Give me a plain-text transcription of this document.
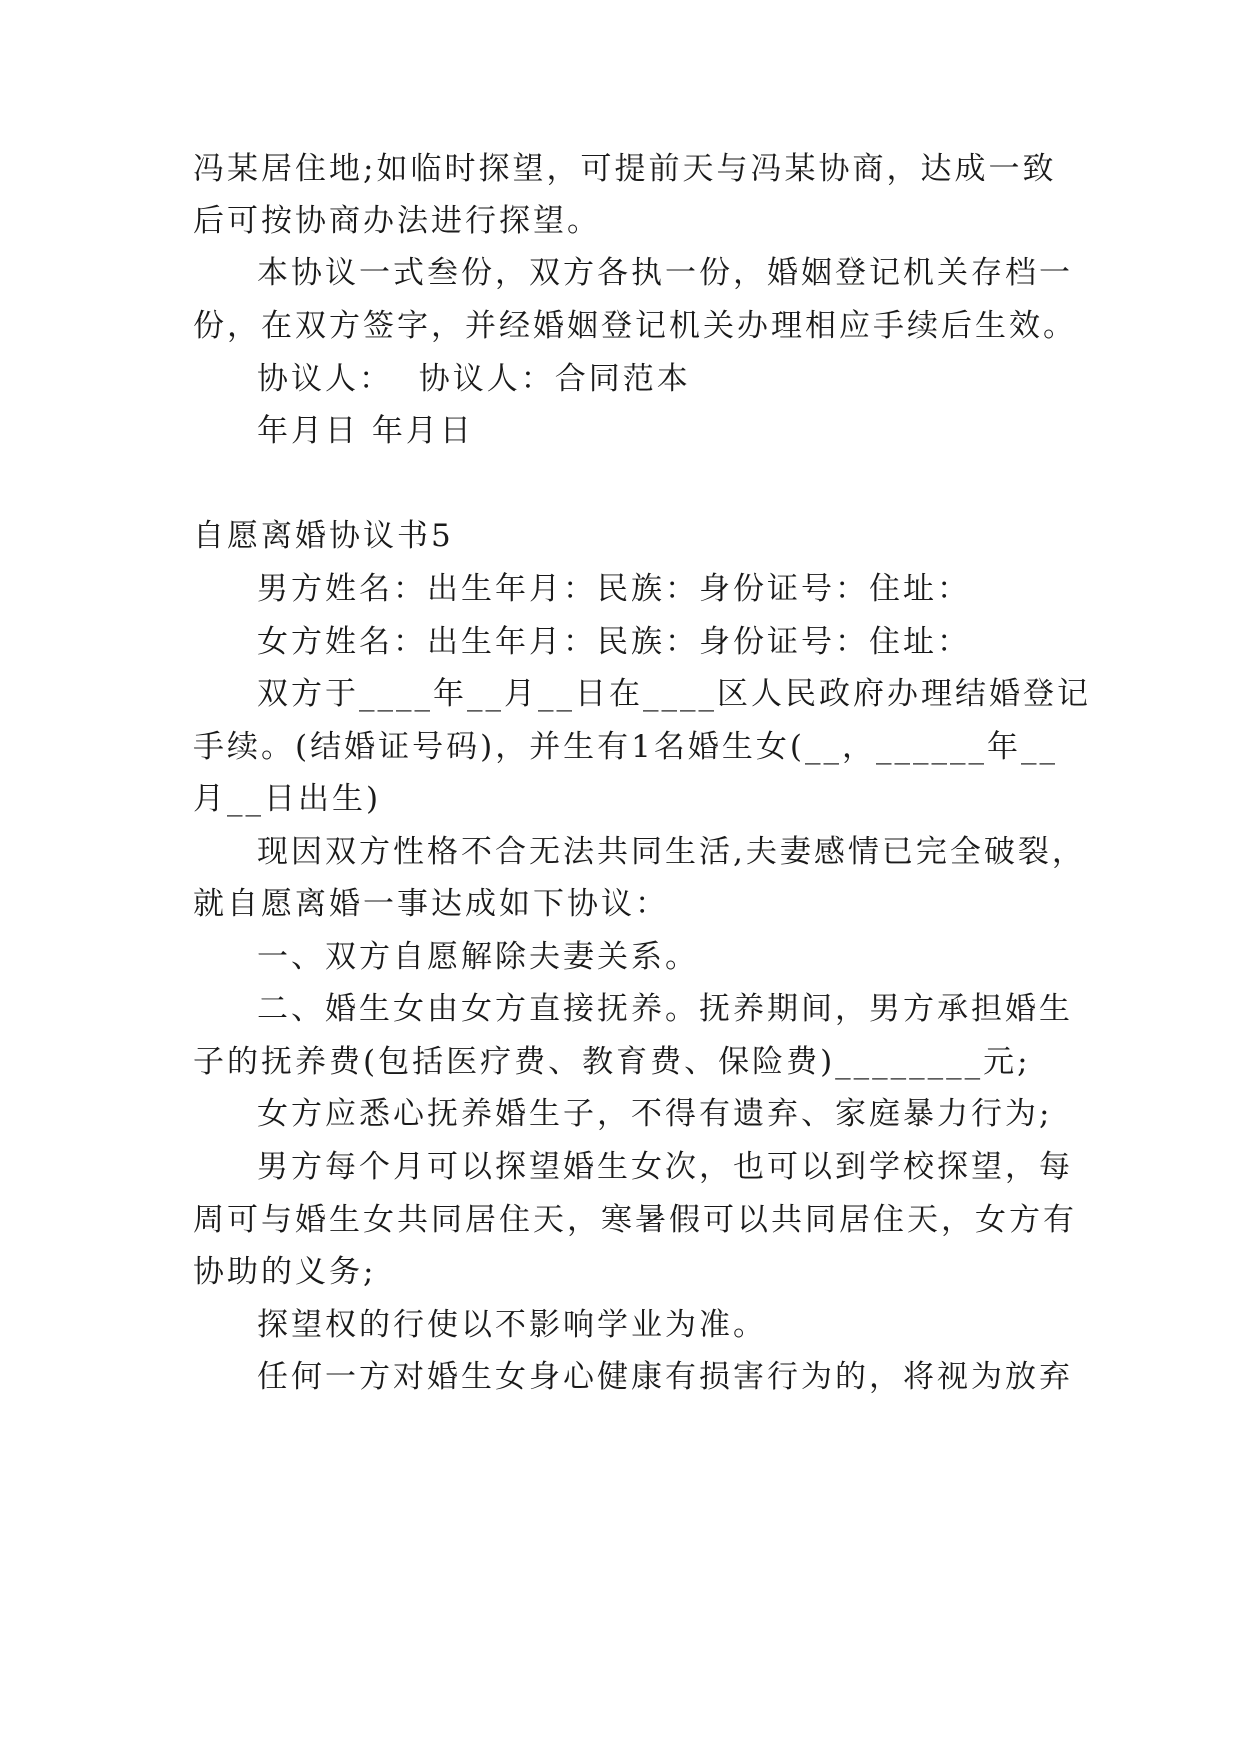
冯某居住地;如临时探望，可提前天与冯某协商，达成一致
后可按协商办法进行探望。
本协议一式叁份，双方各执一份，婚姻登记机关存档一
份，在双方签字，并经婚姻登记机关办理相应手续后生效。
协议人：  协议人：合同范本
年月日 年月日
自愿离婚协议书5
男方姓名：出生年月：民族：身份证号：住址：
女方姓名：出生年月：民族：身份证号：住址：
双方于____年__月__日在____区人民政府办理结婚登记
手续。(结婚证号码)，并生有1名婚生女(__，______年__
月__日出生)
现因双方性格不合无法共同生活,夫妻感情已完全破裂，
就自愿离婚一事达成如下协议：
一、双方自愿解除夫妻关系。
二、婚生女由女方直接抚养。抚养期间，男方承担婚生
子的抚养费(包括医疗费、教育费、保险费)________元;
女方应悉心抚养婚生子，不得有遗弃、家庭暴力行为;
男方每个月可以探望婚生女次，也可以到学校探望，每
周可与婚生女共同居住天，寒暑假可以共同居住天，女方有
协助的义务;
探望权的行使以不影响学业为准。
任何一方对婚生女身心健康有损害行为的，将视为放弃
